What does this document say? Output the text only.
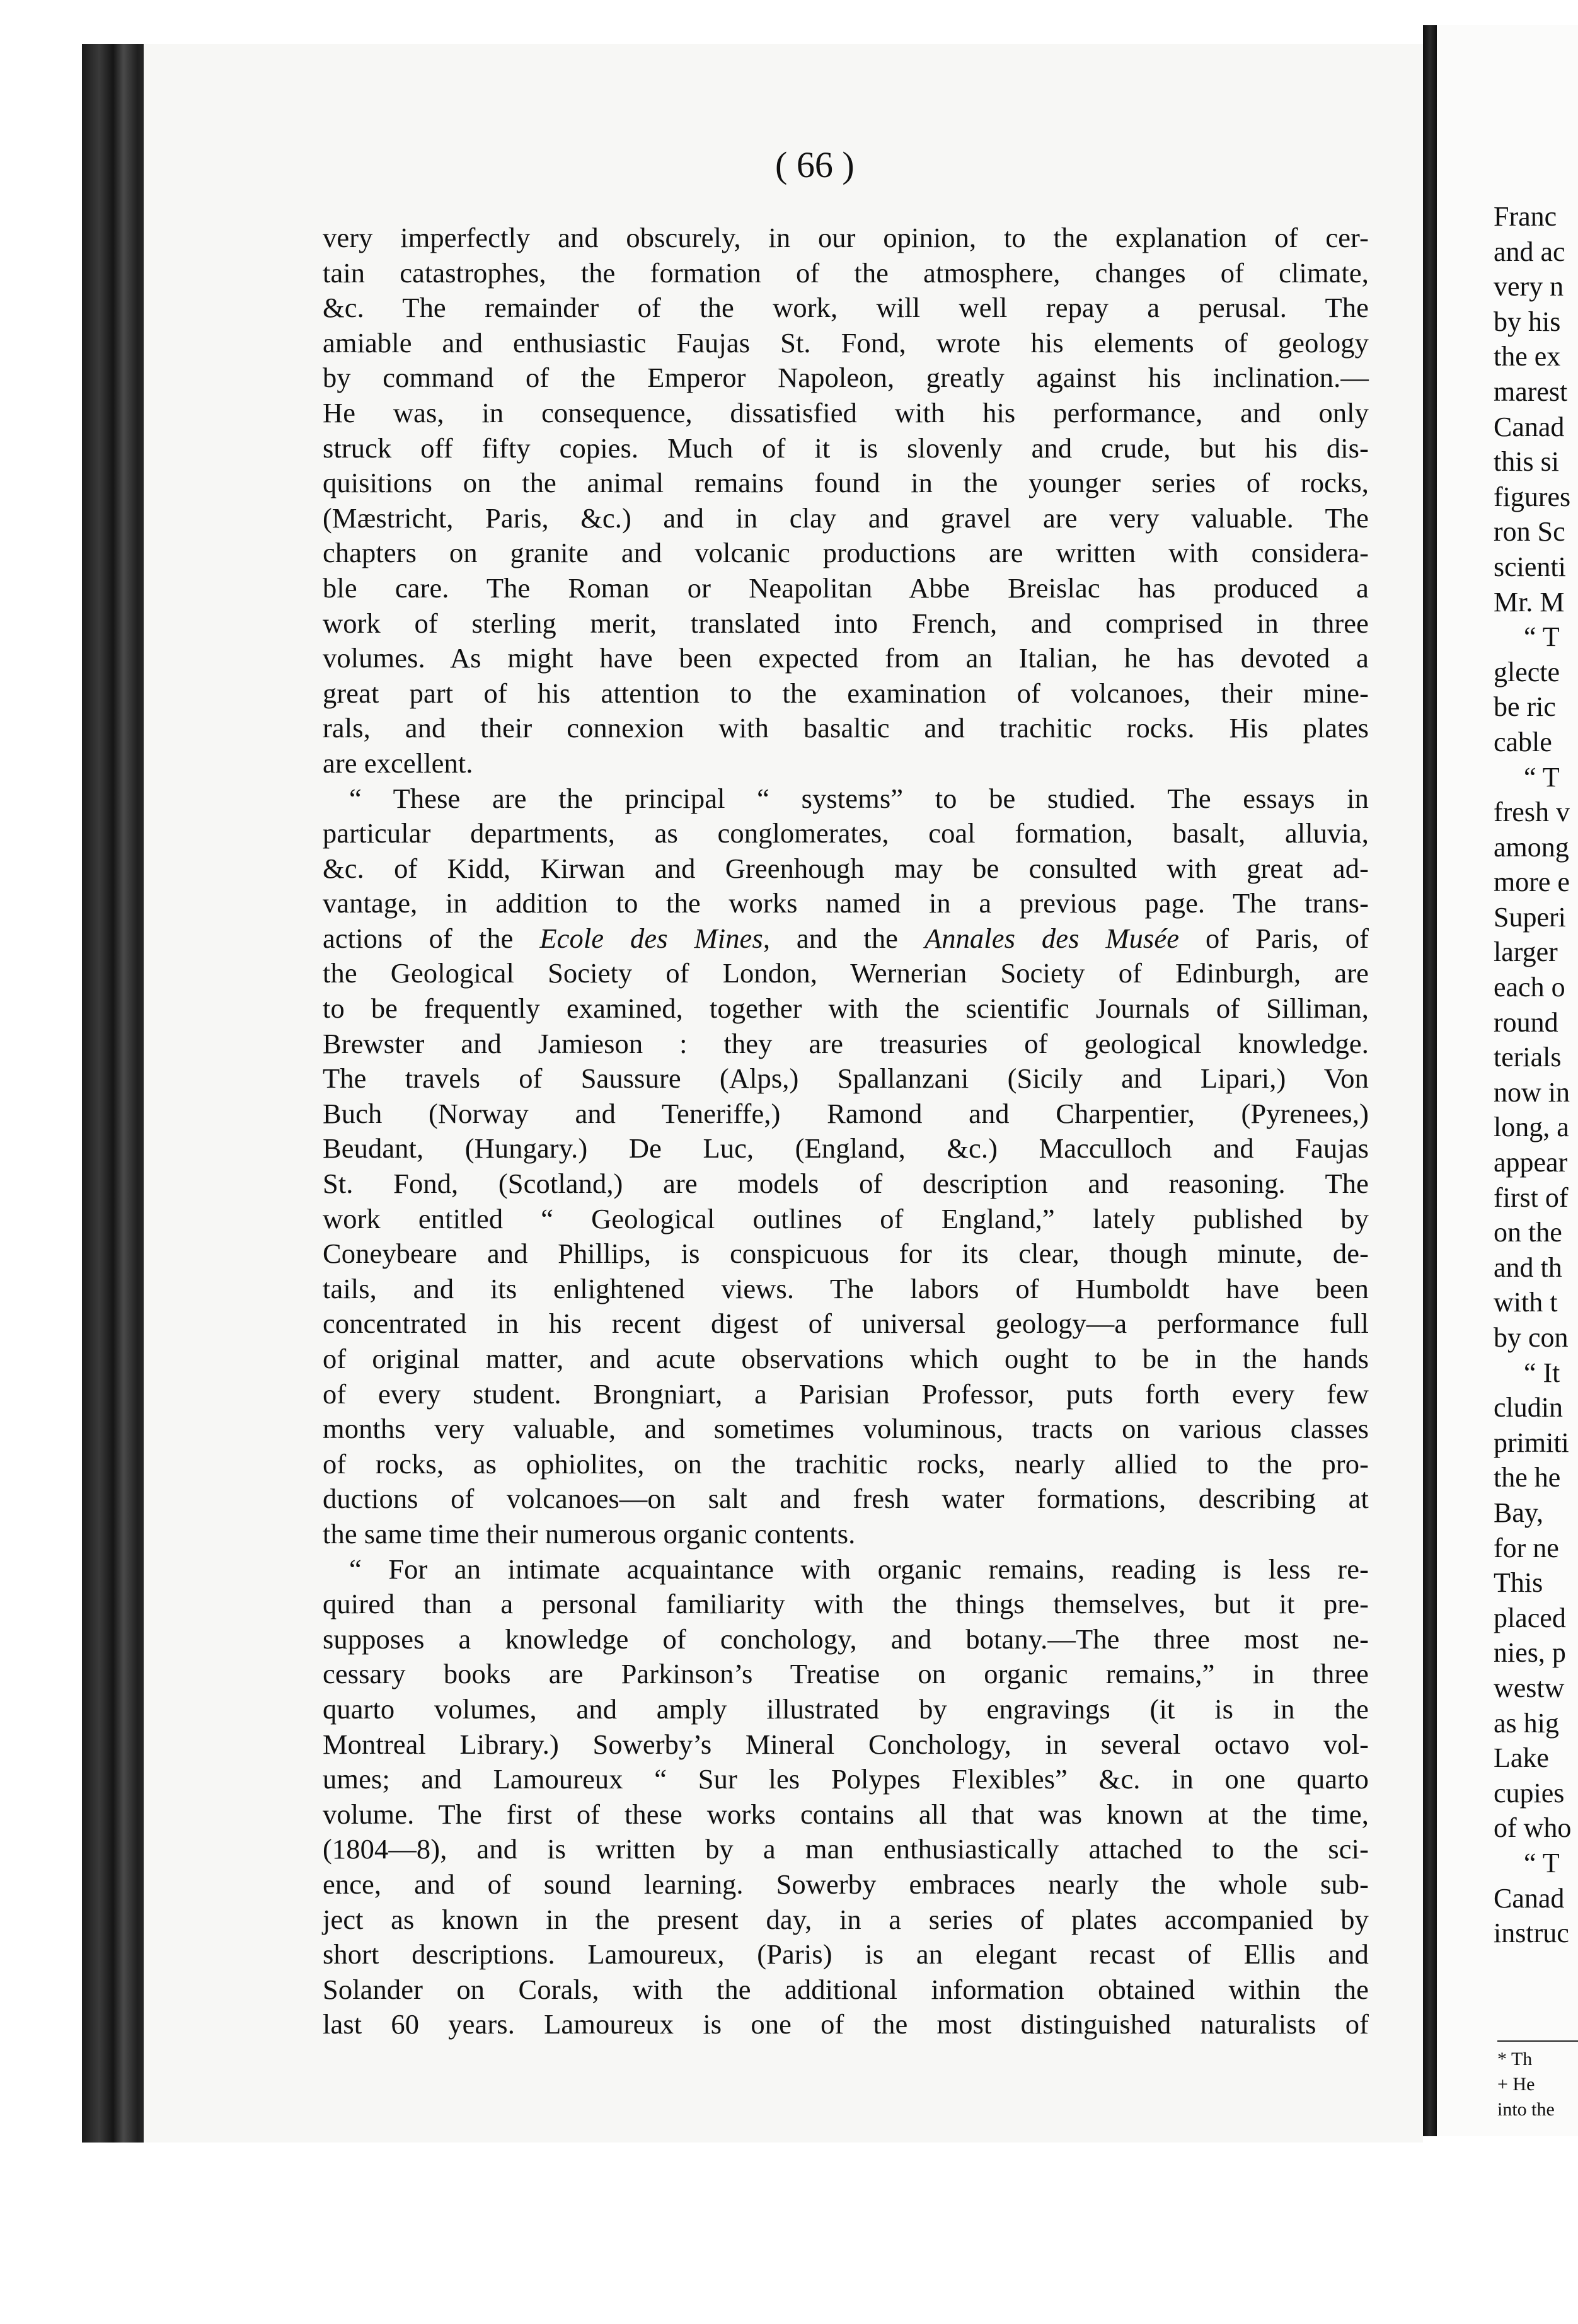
( 66 )
very imperfectly and obscurely, in our opinion, to the explanation of cer-
tain catastrophes, the formation of the atmosphere, changes of climate,
&c. The remainder of the work, will well repay a perusal. The
amiable and enthusiastic Faujas St. Fond, wrote his elements of geology
by command of the Emperor Napoleon, greatly against his inclination.—
He was, in consequence, dissatisfied with his performance, and only
struck off fifty copies. Much of it is slovenly and crude, but his dis-
quisitions on the animal remains found in the younger series of rocks,
(Mæstricht, Paris, &c.) and in clay and gravel are very valuable. The
chapters on granite and volcanic productions are written with considera-
ble care. The Roman or Neapolitan Abbe Breislac has produced a
work of sterling merit, translated into French, and comprised in three
volumes. As might have been expected from an Italian, he has devoted a
great part of his attention to the examination of volcanoes, their mine-
rals, and their connexion with basaltic and trachitic rocks. His plates
are excellent.
“ These are the principal “ systems” to be studied. The essays in
particular departments, as conglomerates, coal formation, basalt, alluvia,
&c. of Kidd, Kirwan and Greenhough may be consulted with great ad-
vantage, in addition to the works named in a previous page. The trans-
actions of the Ecole des Mines, and the Annales des Musée of Paris, of
the Geological Society of London, Wernerian Society of Edinburgh, are
to be frequently examined, together with the scientific Journals of Silliman,
Brewster and Jamieson : they are treasuries of geological knowledge.
The travels of Saussure (Alps,) Spallanzani (Sicily and Lipari,) Von
Buch (Norway and Teneriffe,) Ramond and Charpentier, (Pyrenees,)
Beudant, (Hungary.) De Luc, (England, &c.) Macculloch and Faujas
St. Fond, (Scotland,) are models of description and reasoning. The
work entitled “ Geological outlines of England,” lately published by
Coneybeare and Phillips, is conspicuous for its clear, though minute, de-
tails, and its enlightened views. The labors of Humboldt have been
concentrated in his recent digest of universal geology—a performance full
of original matter, and acute observations which ought to be in the hands
of every student. Brongniart, a Parisian Professor, puts forth every few
months very valuable, and sometimes voluminous, tracts on various classes
of rocks, as ophiolites, on the trachitic rocks, nearly allied to the pro-
ductions of volcanoes—on salt and fresh water formations, describing at
the same time their numerous organic contents.
“ For an intimate acquaintance with organic remains, reading is less re-
quired than a personal familiarity with the things themselves, but it pre-
supposes a knowledge of conchology, and botany.—The three most ne-
cessary books are Parkinson’s Treatise on organic remains,” in three
quarto volumes, and amply illustrated by engravings (it is in the
Montreal Library.) Sowerby’s Mineral Conchology, in several octavo vol-
umes; and Lamoureux “ Sur les Polypes Flexibles” &c. in one quarto
volume. The first of these works contains all that was known at the time,
(1804—8), and is written by a man enthusiastically attached to the sci-
ence, and of sound learning. Sowerby embraces nearly the whole sub-
ject as known in the present day, in a series of plates accompanied by
short descriptions. Lamoureux, (Paris) is an elegant recast of Ellis and
Solander on Corals, with the additional information obtained within the
last 60 years. Lamoureux is one of the most distinguished naturalists of
Franc
and ac
very n
by his
the ex
marest
Canad
this si
figures
ron Sc
scienti
Mr. M
“ T
glecte
be ric
cable
“ T
fresh v
among
more e
Superi
larger
each o
round
terials
now in
long, a
appear
first of
on the
and th
with t
by con
“ It
cludin
primiti
the he
Bay,
for ne
This
placed
nies, p
westw
as hig
Lake
cupies
of who
“ T
Canad
instruc
* Th
+ He
into the
